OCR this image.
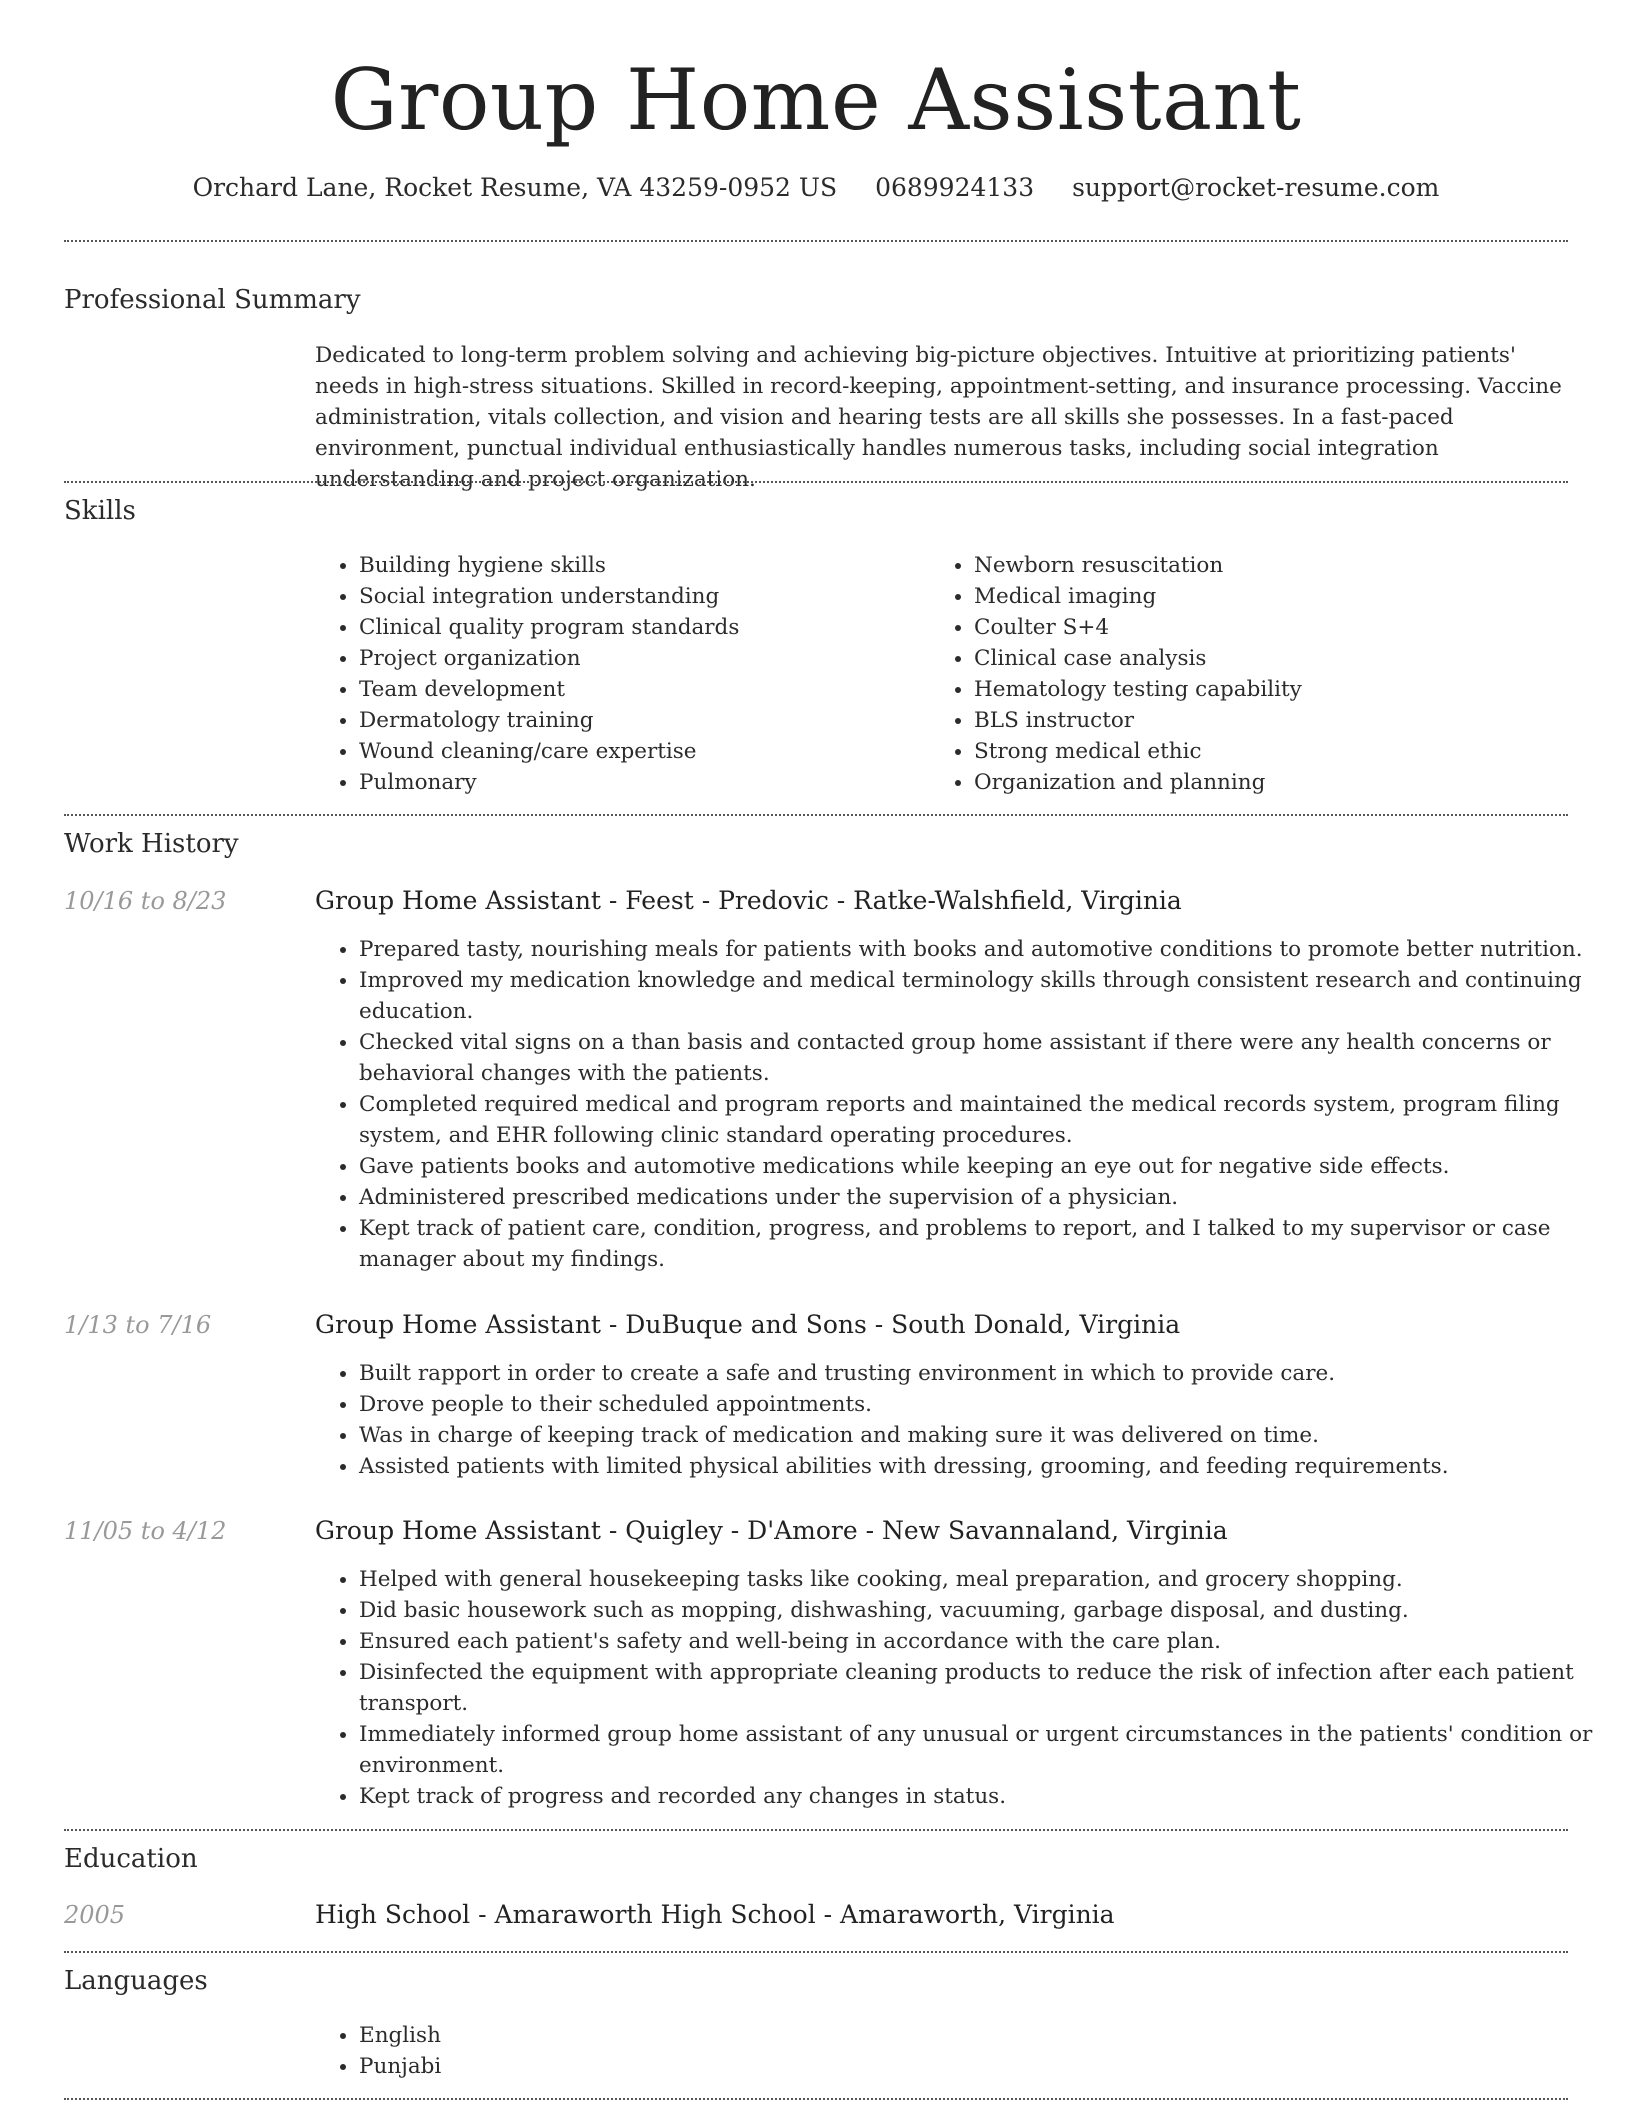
Group Home Assistant
Orchard Lane, Rocket Resume, VA 43259-0952 US 0689924133 support@rocket-resume.com
Professional Summary

Dedicated to long-term problem solving and achieving big-picture objectives. Intuitive at prioritizing patients' needs in high-stress situations. Skilled in record-keeping, appointment-setting, and insurance processing. Vaccine administration, vitals collection, and vision and hearing tests are all skills she possesses. In a fast-paced environment, punctual individual enthusiastically handles numerous tasks, including social integration understanding and project organization.

Skills
• Building hygiene skills
• Social integration understanding
• Clinical quality program standards
• Project organization
• Team development
• Dermatology training
• Wound cleaning/care expertise
• Pulmonary
• Newborn resuscitation
• Medical imaging
• Coulter S+4
• Clinical case analysis
• Hematology testing capability
• BLS instructor
• Strong medical ethic
• Organization and planning
Work History
10/16 to 8/23	Group Home Assistant - Feest - Predovic - Ratke-Walshfield, Virginia
• Prepared tasty, nourishing meals for patients with books and automotive conditions to promote better nutrition.
• Improved my medication knowledge and medical terminology skills through consistent research and continuing education.
• Checked vital signs on a than basis and contacted group home assistant if there were any health concerns or behavioral changes with the patients.
• Completed required medical and program reports and maintained the medical records system, program filing system, and EHR following clinic standard operating procedures.
• Gave patients books and automotive medications while keeping an eye out for negative side effects.
• Administered prescribed medications under the supervision of a physician.
• Kept track of patient care, condition, progress, and problems to report, and I talked to my supervisor or case manager about my findings.
1/13 to 7/16	Group Home Assistant - DuBuque and Sons - South Donald, Virginia
• Built rapport in order to create a safe and trusting environment in which to provide care.
• Drove people to their scheduled appointments.
• Was in charge of keeping track of medication and making sure it was delivered on time.
• Assisted patients with limited physical abilities with dressing, grooming, and feeding requirements.
11/05 to 4/12	Group Home Assistant - Quigley - D'Amore - New Savannaland, Virginia
• Helped with general housekeeping tasks like cooking, meal preparation, and grocery shopping.
• Did basic housework such as mopping, dishwashing, vacuuming, garbage disposal, and dusting.
• Ensured each patient's safety and well-being in accordance with the care plan.
• Disinfected the equipment with appropriate cleaning products to reduce the risk of infection after each patient transport.
• Immediately informed group home assistant of any unusual or urgent circumstances in the patients' condition or environment.
• Kept track of progress and recorded any changes in status.
Education
2005	High School - Amaraworth High School - Amaraworth, Virginia
Languages
• English
• Punjabi
